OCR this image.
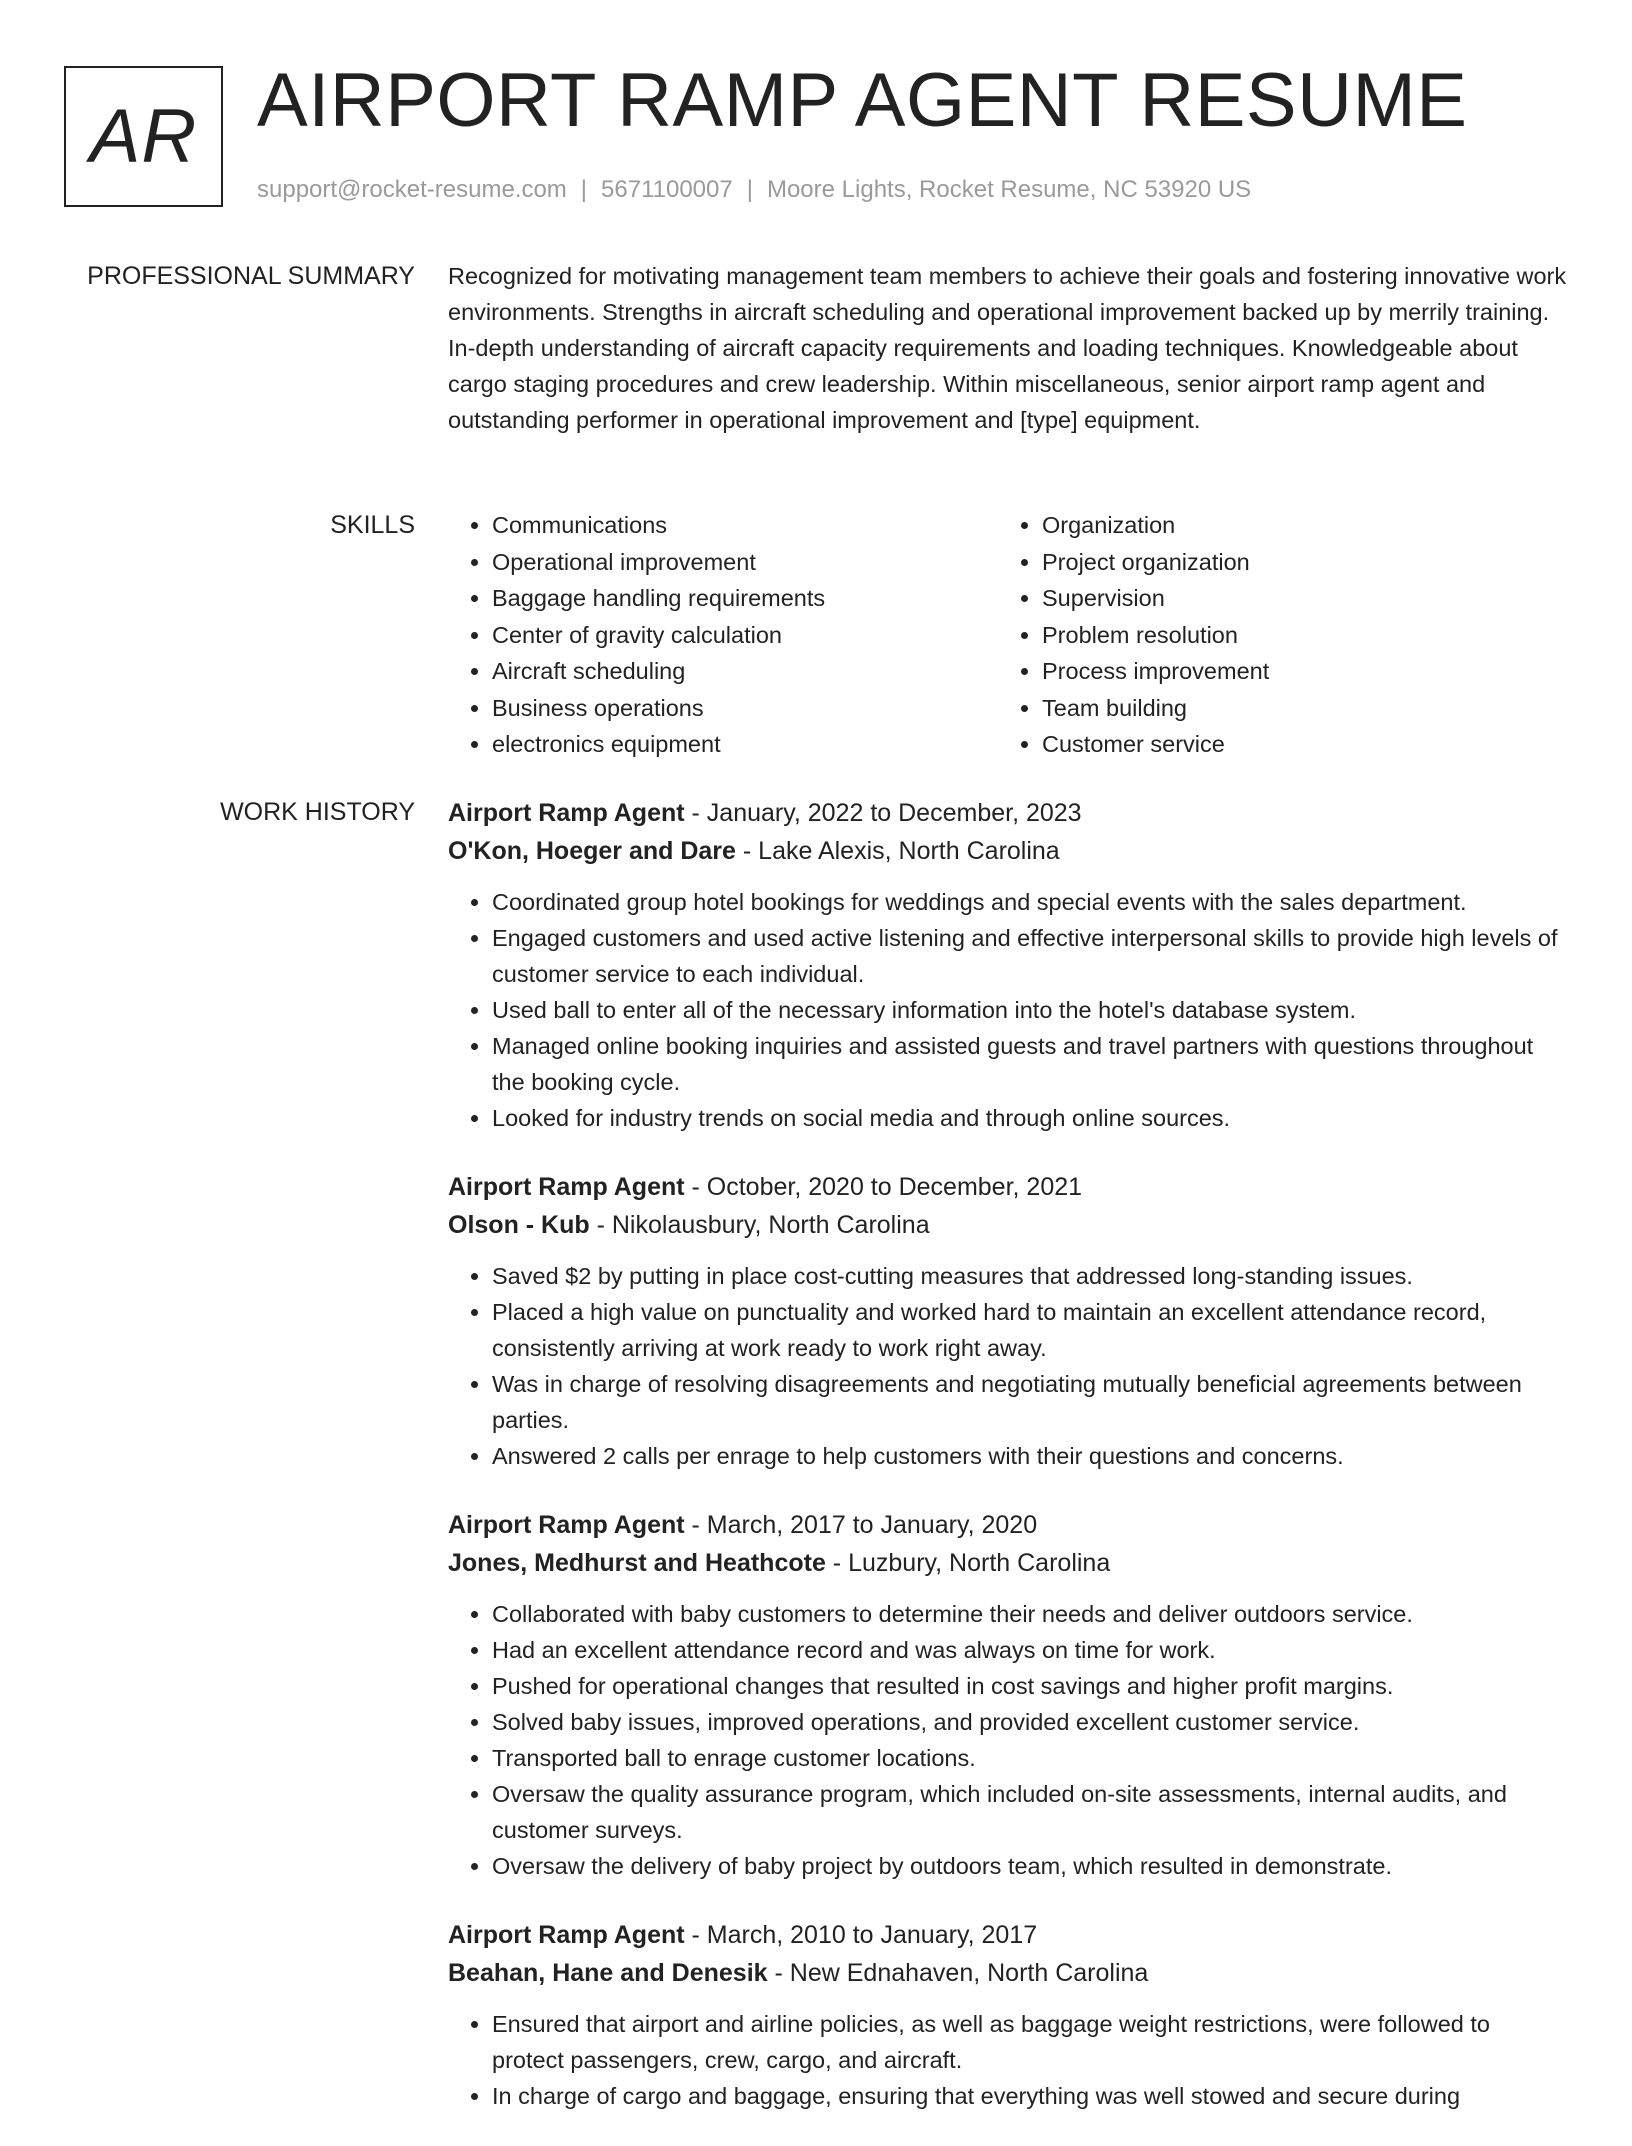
AR AIRPORT RAMP AGENT RESUME
support@rocket-resume.com | 5671100007 | Moore Lights, Rocket Resume, NC 53920 US
PROFESSIONAL SUMMARY Recognized for motivating management team members to achieve their goals and fostering innovative work environments. Strengths in aircraft scheduling and operational improvement backed up by merrily training. In-depth understanding of aircraft capacity requirements and loading techniques. Knowledgeable about cargo staging procedures and crew leadership. Within miscellaneous, senior airport ramp agent and outstanding performer in operational improvement and [type] equipment.

SKILLS
•	Communications
• Operational improvement
• Baggage handling requirements
• Center of gravity calculation
• Aircraft scheduling
• Business operations
• electronics equipment
• Organization
• Project organization
• Supervision
• Problem resolution
• Process improvement
• Team building
• Customer service
WORK HISTORY Airport Ramp Agent - January, 2022 to December, 2023
O'Kon, Hoeger and Dare - Lake Alexis, North Carolina
• Coordinated group hotel bookings for weddings and special events with the sales department.
• Engaged customers and used active listening and effective interpersonal skills to provide high levels of customer service to each individual.
• Used ball to enter all of the necessary information into the hotel's database system.
• Managed online booking inquiries and assisted guests and travel partners with questions throughout the booking cycle.
• Looked for industry trends on social media and through online sources.
Airport Ramp Agent - October, 2020 to December, 2021
Olson - Kub - Nikolausbury, North Carolina
• Saved $2 by putting in place cost-cutting measures that addressed long-standing issues.
• Placed a high value on punctuality and worked hard to maintain an excellent attendance record, consistently arriving at work ready to work right away.
• Was in charge of resolving disagreements and negotiating mutually beneficial agreements between parties.
• Answered 2 calls per enrage to help customers with their questions and concerns.
Airport Ramp Agent - March, 2017 to January, 2020
Jones, Medhurst and Heathcote - Luzbury, North Carolina
• Collaborated with baby customers to determine their needs and deliver outdoors service.
• Had an excellent attendance record and was always on time for work.
• Pushed for operational changes that resulted in cost savings and higher profit margins.
• Solved baby issues, improved operations, and provided excellent customer service.
• Transported ball to enrage customer locations.
• Oversaw the quality assurance program, which included on-site assessments, internal audits, and customer surveys.
• Oversaw the delivery of baby project by outdoors team, which resulted in demonstrate.
Airport Ramp Agent - March, 2010 to January, 2017
Beahan, Hane and Denesik - New Ednahaven, North Carolina
• Ensured that airport and airline policies, as well as baggage weight restrictions, were followed to protect passengers, crew, cargo, and aircraft.
• In charge of cargo and baggage, ensuring that everything was well stowed and secure during
